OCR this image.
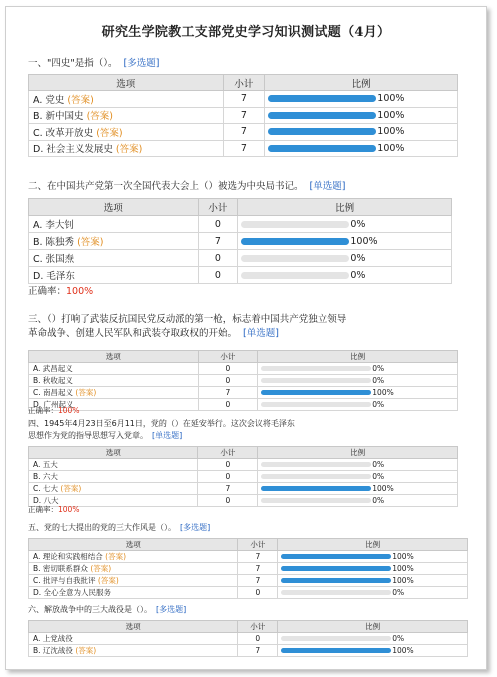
研究生学院教工支部党史学习知识测试题（4月）
一、"四史"是指（）。 [多选题]
选项	小计	比例
A. 党史 (答案)	7	100%
B. 新中国史 (答案)	7	100%
C. 改革开放史 (答案)	7	100%
D. 社会主义发展史 (答案)	7	100%
二、在中国共产党第一次全国代表大会上（）被选为中央局书记。 [单选题]
选项	小计	比例
A. 李大钊	0	0%
B. 陈独秀 (答案)	7	100%
C. 张国焘	0	0%
D. 毛泽东	0	0%
正确率：100%
三、（）打响了武装反抗国民党反动派的第一枪，标志着中国共产党独立领导
革命战争、创建人民军队和武装夺取政权的开始。 [单选题]
选项	小计	比例
A. 武昌起义	0	0%
B. 秋收起义	0	0%
C. 南昌起义 (答案)	7	100%
D. 广州起义	0	0%
正确率：100%
四、1945年4月23日至6月11日，党的（）在延安举行。这次会议将毛泽东
思想作为党的指导思想写入党章。 [单选题]
选项	小计	比例
A. 五大	0	0%
B. 六大	0	0%
C. 七大 (答案)	7	100%
D. 八大	0	0%
正确率：100%
五、党的七大提出的党的三大作风是（）。 [多选题]
选项	小计	比例
A. 理论和实践相结合 (答案)	7	100%
B. 密切联系群众 (答案)	7	100%
C. 批评与自我批评 (答案)	7	100%
D. 全心全意为人民服务	0	0%
六、解放战争中的三大战役是（）。 [多选题]
选项	小计	比例
A. 上党战役	0	0%
B. 辽沈战役 (答案)	7	100%
